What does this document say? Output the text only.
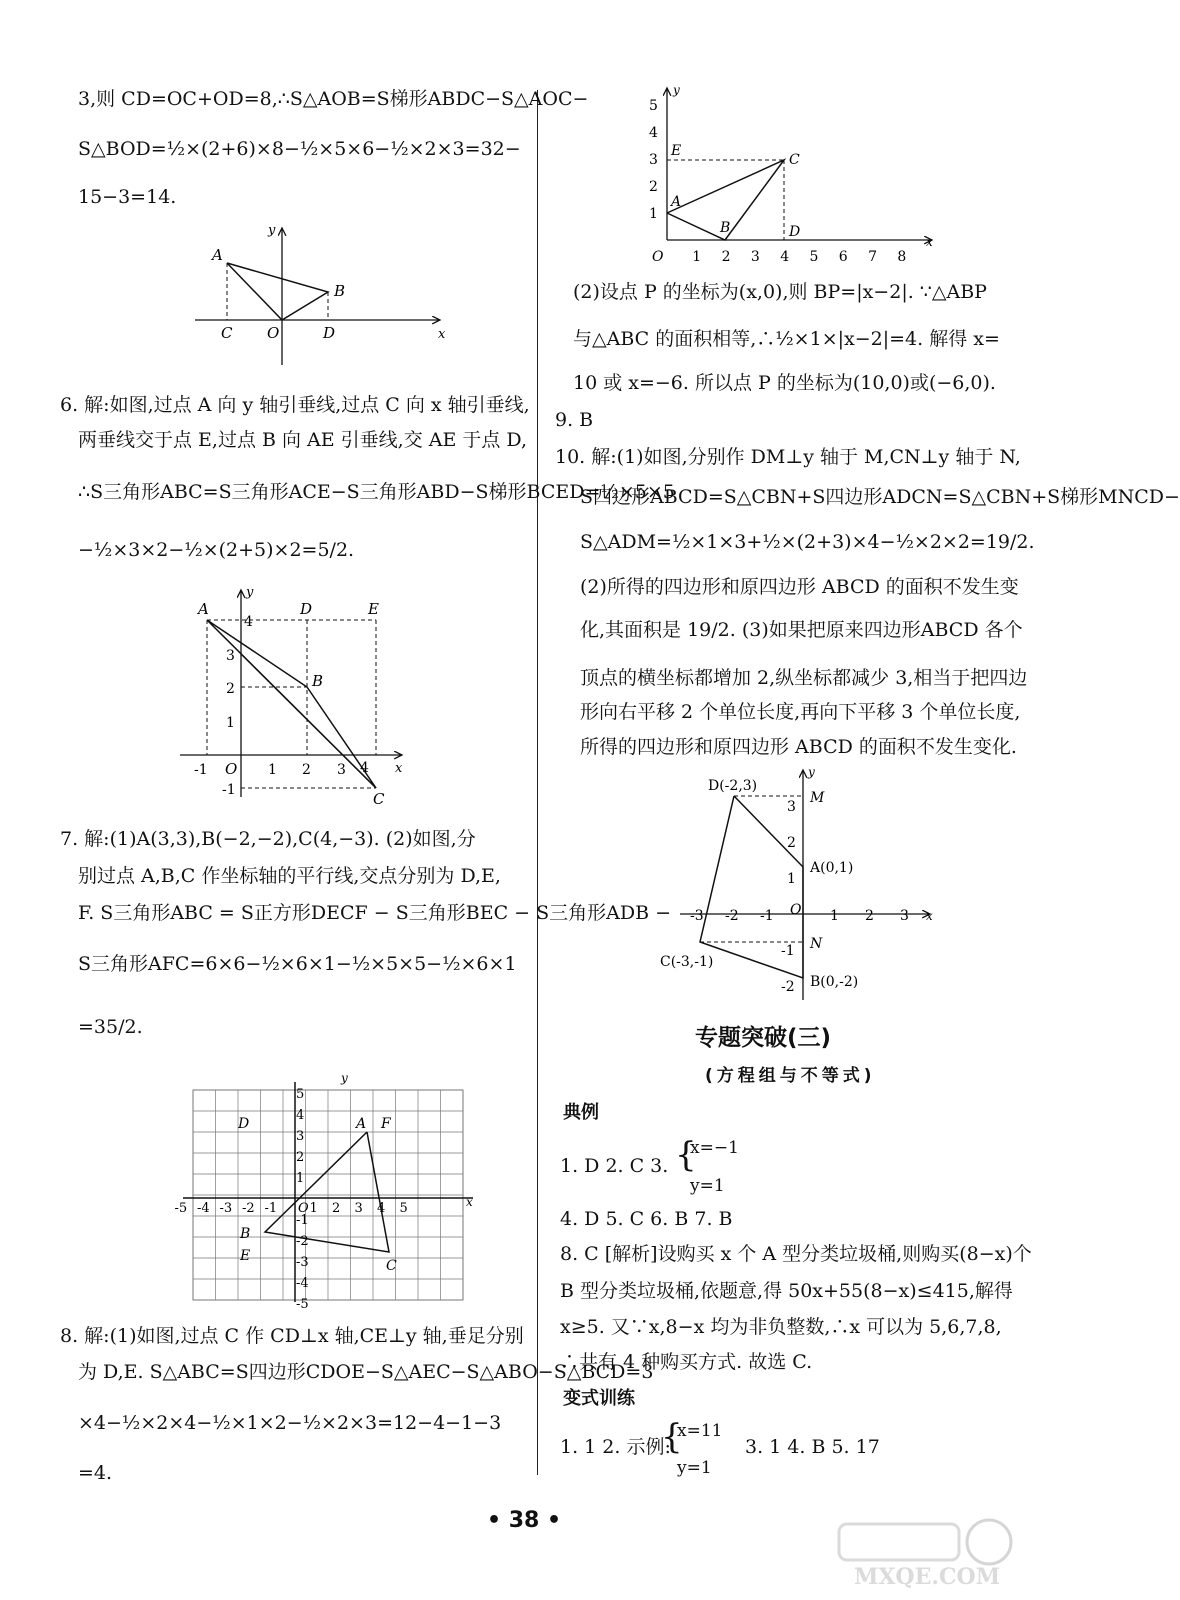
3,则 CD=OC+OD=8,∴S△AOB=S梯形ABDC−S△AOC−
S△BOD=½×(2+6)×8−½×5×6−½×2×3=32−
15−3=14.
A
B
C O	D	x
y
6. 解:如图,过点 A 向 y 轴引垂线,过点 C 向 x 轴引垂线,
两垂线交于点 E,过点 B 向 AE 引垂线,交 AE 于点 D,
∴S三角形ABC=S三角形ACE−S三角形ABD−S梯形BCED=½×5×5
−½×3×2−½×(2+5)×2=5/2.
A	D	E
B
C
O	x
y
-1	1 2 3 4
1
2
3
4
-1
7. 解:(1)A(3,3),B(−2,−2),C(4,−3). (2)如图,分
别过点 A,B,C 作坐标轴的平行线,交点分别为 D,E,
F. S三角形ABC = S正方形DECF − S三角形BEC − S三角形ADB −
S三角形AFC=6×6−½×6×1−½×5×5−½×6×1
=35/2.
A F
D
B
E
C
O	x
y
-5 -4 -3 -2 -1 1 2 3 4 5
5
4
3
2
1
-1
-2
-3
-4
-5
8. 解:(1)如图,过点 C 作 CD⊥x 轴,CE⊥y 轴,垂足分别
为 D,E. S△ABC=S四边形CDOE−S△AEC−S△ABO−S△BCD=3
×4−½×2×4−½×1×2−½×2×3=12−4−1−3
=4.
A
B
C
D
E
O
x
y
1 2 3 4 5 6 7 8
1
2
3
4
5
(2)设点 P 的坐标为(x,0),则 BP=|x−2|. ∵△ABP
与△ABC 的面积相等,∴½×1×|x−2|=4. 解得 x=
10 或 x=−6. 所以点 P 的坐标为(10,0)或(−6,0).
9. B
10. 解:(1)如图,分别作 DM⊥y 轴于 M,CN⊥y 轴于 N,
S四边形ABCD=S△CBN+S四边形ADCN=S△CBN+S梯形MNCD−
S△ADM=½×1×3+½×(2+3)×4−½×2×2=19/2.
(2)所得的四边形和原四边形 ABCD 的面积不发生变
化,其面积是 19/2. (3)如果把原来四边形ABCD 各个
顶点的横坐标都增加 2,纵坐标都减少 3,相当于把四边
形向右平移 2 个单位长度,再向下平移 3 个单位长度,
所得的四边形和原四边形 ABCD 的面积不发生变化.
D(-2,3)
M
A(0,1)
N
C(-3,-1)
B(0,-2)
O	x
y
-3 -2 -1	1 2 3
3
2
1
-1
-2
专题突破(三)
(方程组与不等式)
典例
1. D 2. C 3. {
x=−1
y=1
4. D 5. C 6. B 7. B
8. C [解析]设购买 x 个 A 型分类垃圾桶,则购买(8−x)个
B 型分类垃圾桶,依题意,得 50x+55(8−x)≤415,解得
x≥5. 又∵x,8−x 均为非负整数,∴x 可以为 5,6,7,8,
∴共有 4 种购买方式. 故选 C.
变式训练
1. 1 2. 示例:
{
x=11
y=1
3. 1 4. B 5. 17
• 38 •
MXQE.COM
